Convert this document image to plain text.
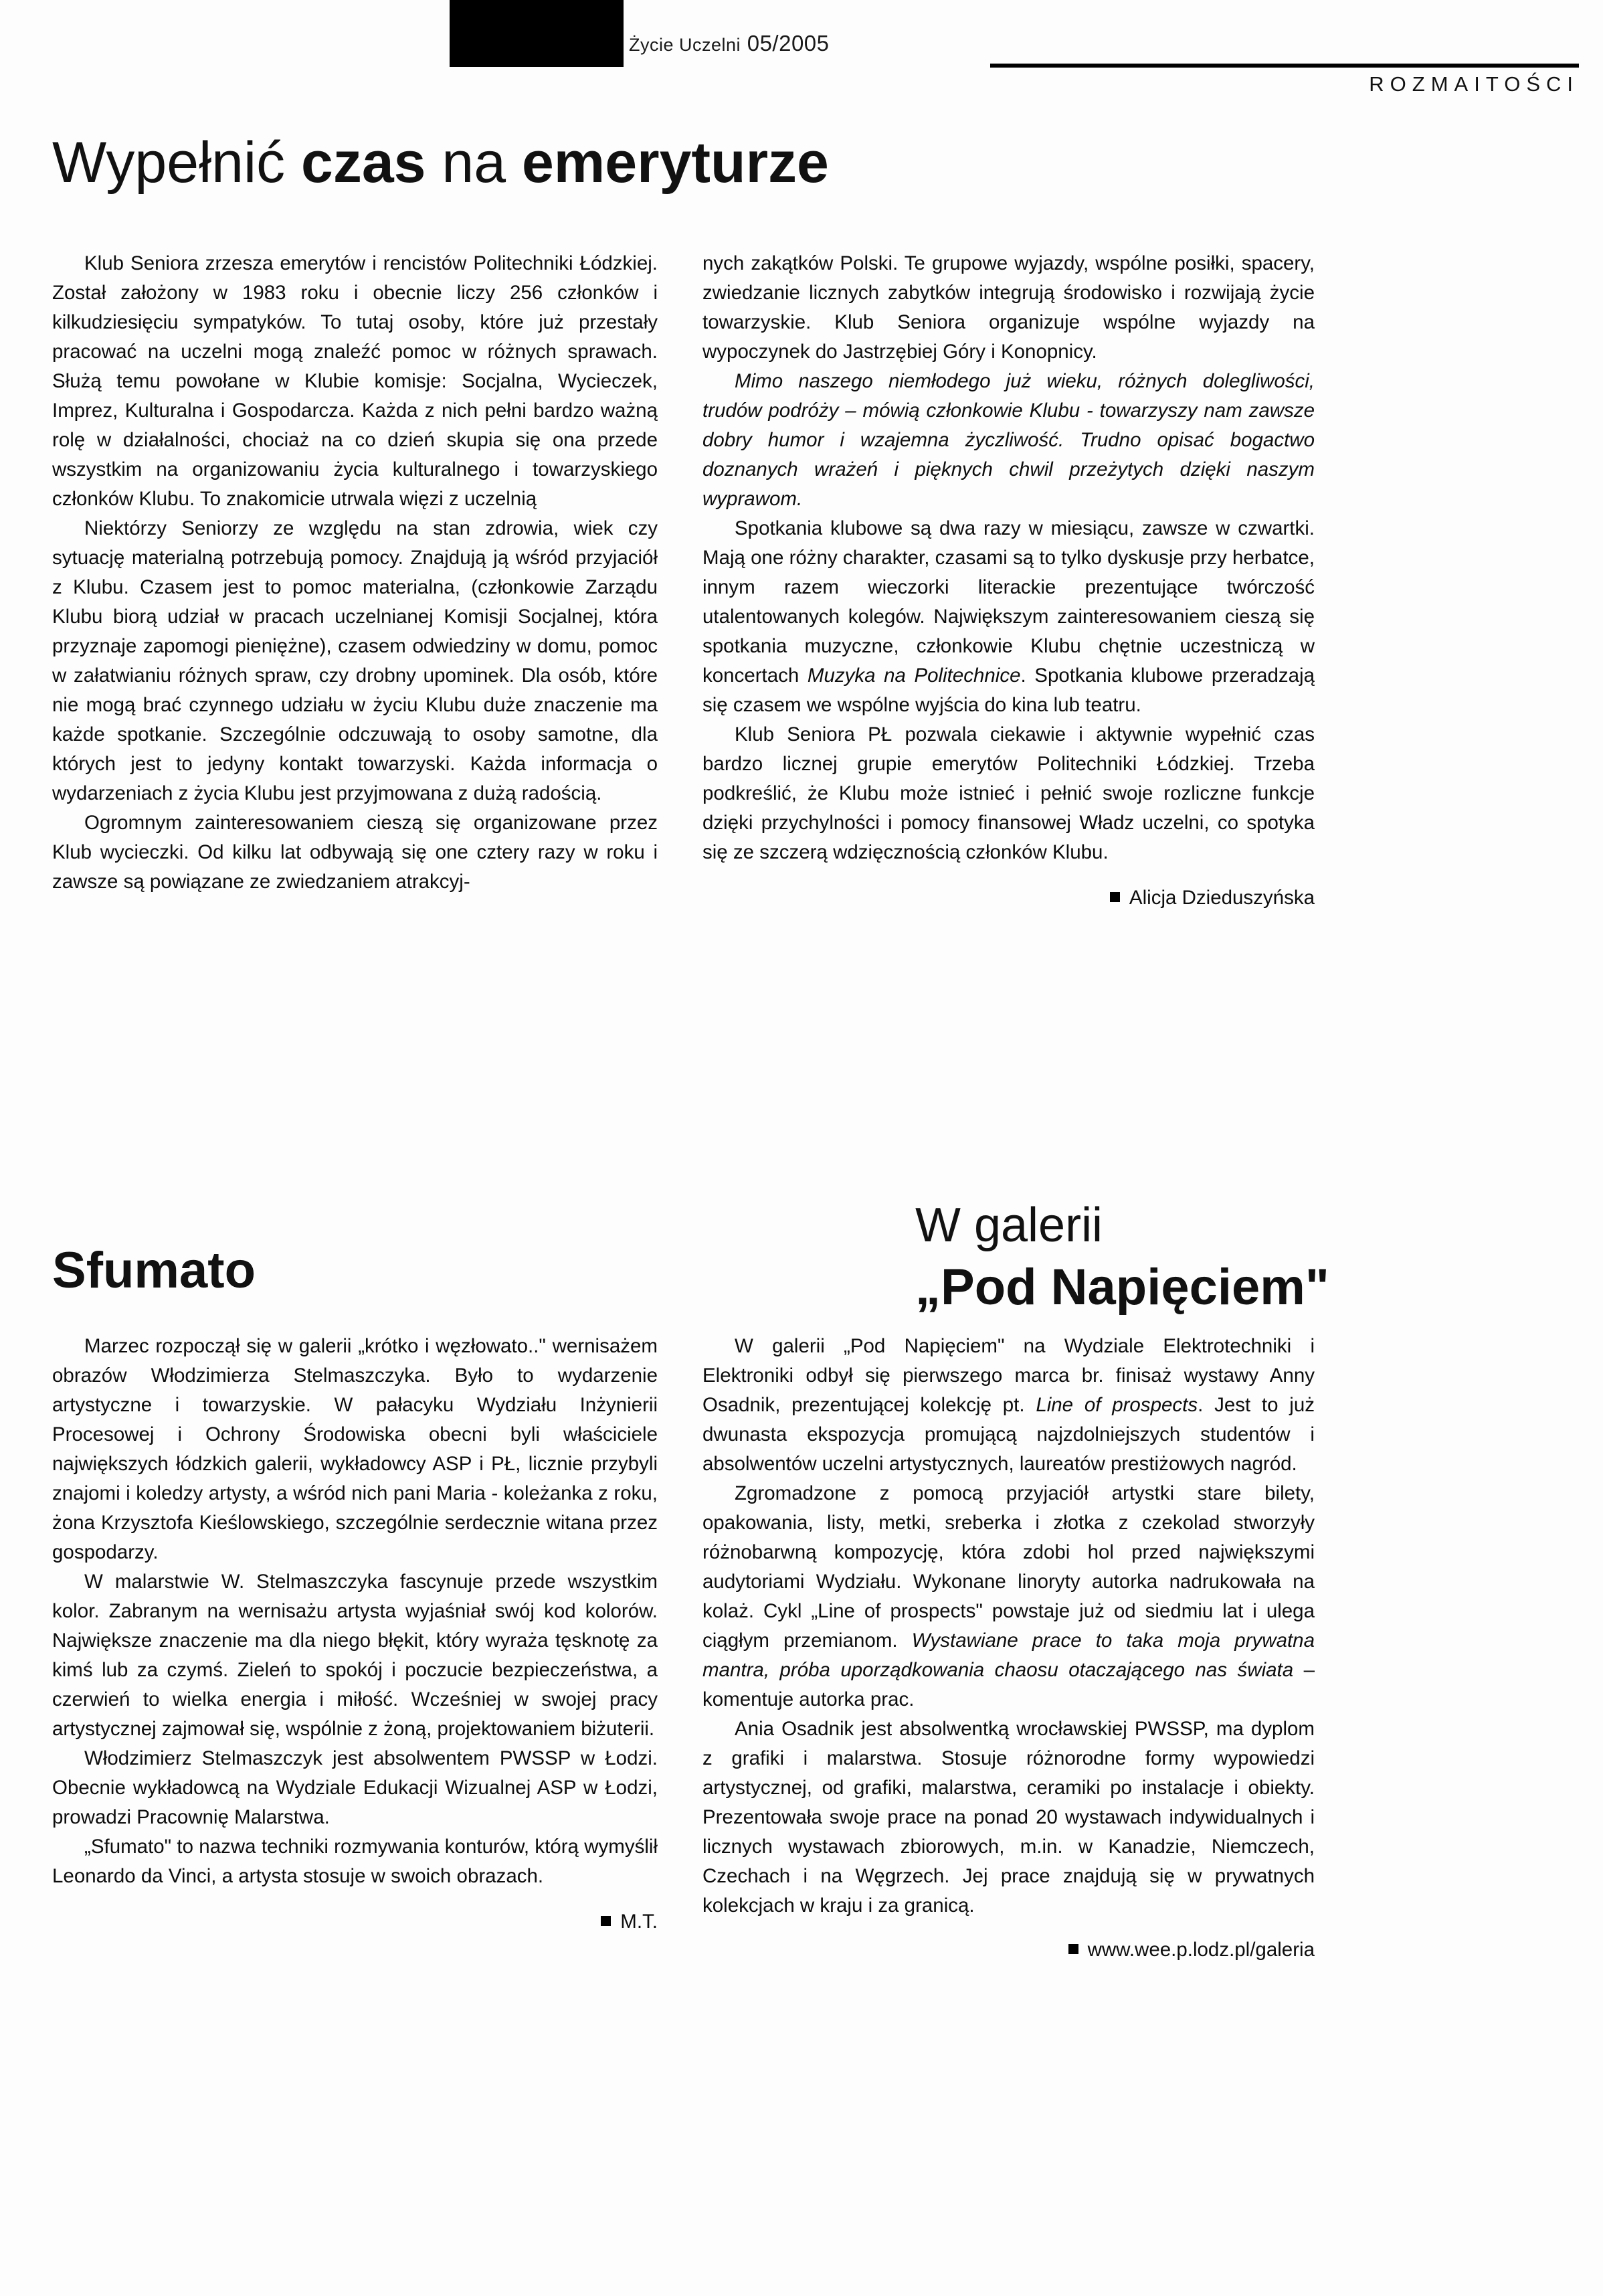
43 Życie Uczelni 05/2005
ROZMAITOŚCI
Wypełnić czas na emeryturze

Klub Seniora zrzesza emerytów i rencistów Politechniki Łódzkiej. Został założony w 1983 roku i obecnie liczy 256 członków i kilkudziesięciu sympatyków. To tutaj osoby, które już przestały pracować na uczelni mogą znaleźć pomoc w różnych sprawach. Służą temu powołane w Klubie komisje: Socjalna, Wycieczek, Imprez, Kulturalna i Gospodarcza. Każda z nich pełni bardzo ważną rolę w działalności, chociaż na co dzień skupia się ona przede wszystkim na organizowaniu życia kulturalnego i towarzyskiego członków Klubu. To znakomicie utrwala więzi z uczelnią

Niektórzy Seniorzy ze względu na stan zdrowia, wiek czy sytuację materialną potrzebują pomocy. Znajdują ją wśród przyjaciół z Klubu. Czasem jest to pomoc materialna, (członkowie Zarządu Klubu biorą udział w pracach uczelnianej Komisji Socjalnej, która przyznaje zapomogi pieniężne), czasem odwiedziny w domu, pomoc w załatwianiu różnych spraw, czy drobny upominek. Dla osób, które nie mogą brać czynnego udziału w życiu Klubu duże znaczenie ma każde spotkanie. Szczególnie odczuwają to osoby samotne, dla których jest to jedyny kontakt towarzyski. Każda informacja o wydarzeniach z życia Klubu jest przyjmowana z dużą radością.

Ogromnym zainteresowaniem cieszą się organizowane przez Klub wycieczki. Od kilku lat odbywają się one cztery razy w roku i zawsze są powiązane ze zwiedzaniem atrakcyj-

nych zakątków Polski. Te grupowe wyjazdy, wspólne posiłki, spacery, zwiedzanie licznych zabytków integrują środowisko i rozwijają życie towarzyskie. Klub Seniora organizuje wspólne wyjazdy na wypoczynek do Jastrzębiej Góry i Konopnicy.

Mimo naszego niemłodego już wieku, różnych dolegliwości, trudów podróży – mówią członkowie Klubu - towarzyszy nam zawsze dobry humor i wzajemna życzliwość. Trudno opisać bogactwo doznanych wrażeń i pięknych chwil przeżytych dzięki naszym wyprawom.

Spotkania klubowe są dwa razy w miesiącu, zawsze w czwartki. Mają one różny charakter, czasami są to tylko dyskusje przy herbatce, innym razem wieczorki literackie prezentujące twórczość utalentowanych kolegów. Największym zainteresowaniem cieszą się spotkania muzyczne, członkowie Klubu chętnie uczestniczą w koncertach Muzyka na Politechnice. Spotkania klubowe przeradzają się czasem we wspólne wyjścia do kina lub teatru.

Klub Seniora PŁ pozwala ciekawie i aktywnie wypełnić czas bardzo licznej grupie emerytów Politechniki Łódzkiej. Trzeba podkreślić, że Klubu może istnieć i pełnić swoje rozliczne funkcje dzięki przychylności i pomocy finansowej Władz uczelni, co spotyka się ze szczerą wdzięcznością członków Klubu.

Alicja Dzieduszyńska
Sfumato

Marzec rozpoczął się w galerii „krótko i węzłowato.." wernisażem obrazów Włodzimierza Stelmaszczyka. Było to wydarzenie artystyczne i towarzyskie. W pałacyku Wydziału Inżynierii Procesowej i Ochrony Środowiska obecni byli właściciele największych łódzkich galerii, wykładowcy ASP i PŁ, licznie przybyli znajomi i koledzy artysty, a wśród nich pani Maria - koleżanka z roku, żona Krzysztofa Kieślowskiego, szczególnie serdecznie witana przez gospodarzy.

W malarstwie W. Stelmaszczyka fascynuje przede wszystkim kolor. Zabranym na wernisażu artysta wyjaśniał swój kod kolorów. Największe znaczenie ma dla niego błękit, który wyraża tęsknotę za kimś lub za czymś. Zieleń to spokój i poczucie bezpieczeństwa, a czerwień to wielka energia i miłość. Wcześniej w swojej pracy artystycznej zajmował się, wspólnie z żoną, projektowaniem biżuterii.

Włodzimierz Stelmaszczyk jest absolwentem PWSSP w Łodzi. Obecnie wykładowcą na Wydziale Edukacji Wizualnej ASP w Łodzi, prowadzi Pracownię Malarstwa.

„Sfumato" to nazwa techniki rozmywania konturów, którą wymyślił Leonardo da Vinci, a artysta stosuje w swoich obrazach.

M.T.
W galerii
„Pod Napięciem"

W galerii „Pod Napięciem" na Wydziale Elektrotechniki i Elektroniki odbył się pierwszego marca br. finisaż wystawy Anny Osadnik, prezentującej kolekcję pt. Line of prospects. Jest to już dwunasta ekspozycja promującą najzdolniejszych studentów i absolwentów uczelni artystycznych, laureatów prestiżowych nagród.

Zgromadzone z pomocą przyjaciół artystki stare bilety, opakowania, listy, metki, sreberka i złotka z czekolad stworzyły różnobarwną kompozycję, która zdobi hol przed największymi audytoriami Wydziału. Wykonane linoryty autorka nadrukowała na kolaż. Cykl „Line of prospects" powstaje już od siedmiu lat i ulega ciągłym przemianom. Wystawiane prace to taka moja prywatna mantra, próba uporządkowania chaosu otaczającego nas świata – komentuje autorka prac.

Ania Osadnik jest absolwentką wrocławskiej PWSSP, ma dyplom z grafiki i malarstwa. Stosuje różnorodne formy wypowiedzi artystycznej, od grafiki, malarstwa, ceramiki po instalacje i obiekty. Prezentowała swoje prace na ponad 20 wystawach indywidualnych i licznych wystawach zbiorowych, m.in. w Kanadzie, Niemczech, Czechach i na Węgrzech. Jej prace znajdują się w prywatnych kolekcjach w kraju i za granicą.

www.wee.p.lodz.pl/galeria
